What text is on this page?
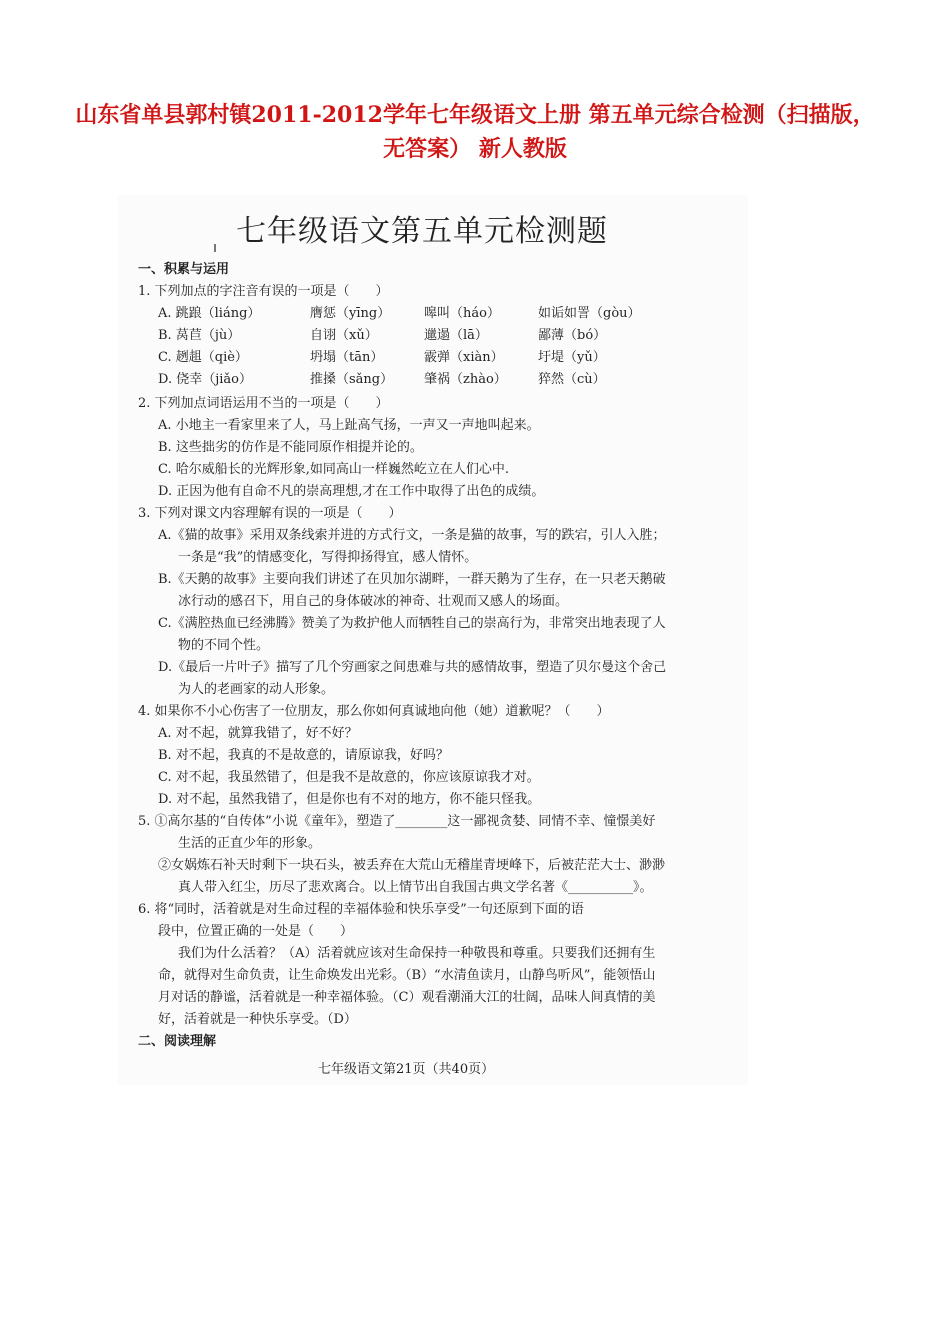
山东省单县郭村镇2011-2012学年七年级语文上册 第五单元综合检测（扫描版，
无答案） 新人教版
七年级语文第五单元检测题
一、积累与运用
1. 下列加点的字注音有误的一项是（　　）
A. 跳踉（liáng）	膺惩（yīng）	嗥叫（háo）	如诟如詈（gòu）
B. 莴苣（jù）	自诩（xǔ）	邋遢（lā）	鄙薄（bó）
C. 趔趄（qiè）	坍塌（tān）	霰弹（xiàn）	圩堤（yǔ）
D. 侥幸（jiǎo）	推搡（sǎng） 肇祸（zhào） 猝然（cù）
2. 下列加点词语运用不当的一项是（　　）
A. 小地主一看家里来了人，马上趾高气扬，一声又一声地叫起来。
B. 这些拙劣的仿作是不能同原作相提并论的。
C. 哈尔威船长的光辉形象,如同高山一样巍然屹立在人们心中.
D. 正因为他有自命不凡的崇高理想,才在工作中取得了出色的成绩。
3. 下列对课文内容理解有误的一项是（　　）
A.《猫的故事》采用双条线索并进的方式行文，一条是猫的故事，写的跌宕，引人入胜；
一条是“我”的情感变化，写得抑扬得宜，感人情怀。
B.《天鹅的故事》主要向我们讲述了在贝加尔湖畔，一群天鹅为了生存，在一只老天鹅破
冰行动的感召下，用自己的身体破冰的神奇、壮观而又感人的场面。
C.《满腔热血已经沸腾》赞美了为救护他人而牺牲自己的崇高行为，非常突出地表现了人
物的不同个性。
D.《最后一片叶子》描写了几个穷画家之间患难与共的感情故事，塑造了贝尔曼这个舍己
为人的老画家的动人形象。
4. 如果你不小心伤害了一位朋友，那么你如何真诚地向他（她）道歉呢？（　　）
A. 对不起，就算我错了，好不好？
B. 对不起，我真的不是故意的，请原谅我，好吗？
C. 对不起，我虽然错了，但是我不是故意的，你应该原谅我才对。
D. 对不起，虽然我错了，但是你也有不对的地方，你不能只怪我。
5. ①高尔基的“自传体”小说《童年》，塑造了________这一鄙视贪婪、同情不幸、憧憬美好
生活的正直少年的形象。
②女娲炼石补天时剩下一块石头，被丢弃在大荒山无稽崖青埂峰下，后被茫茫大士、渺渺
真人带入红尘，历尽了悲欢离合。以上情节出自我国古典文学名著《__________》。
6. 将“同时，活着就是对生命过程的幸福体验和快乐享受”一句还原到下面的语
段中，位置正确的一处是（　　）
我们为什么活着？（A）活着就应该对生命保持一种敬畏和尊重。只要我们还拥有生
命，就得对生命负责，让生命焕发出光彩。（B）“水清鱼读月，山静鸟听风”，能领悟山
月对话的静谧，活着就是一种幸福体验。（C）观看潮涌大江的壮阔，品味人间真情的美
好，活着就是一种快乐享受。（D）
二、阅读理解
七年级语文第21页（共40页）
